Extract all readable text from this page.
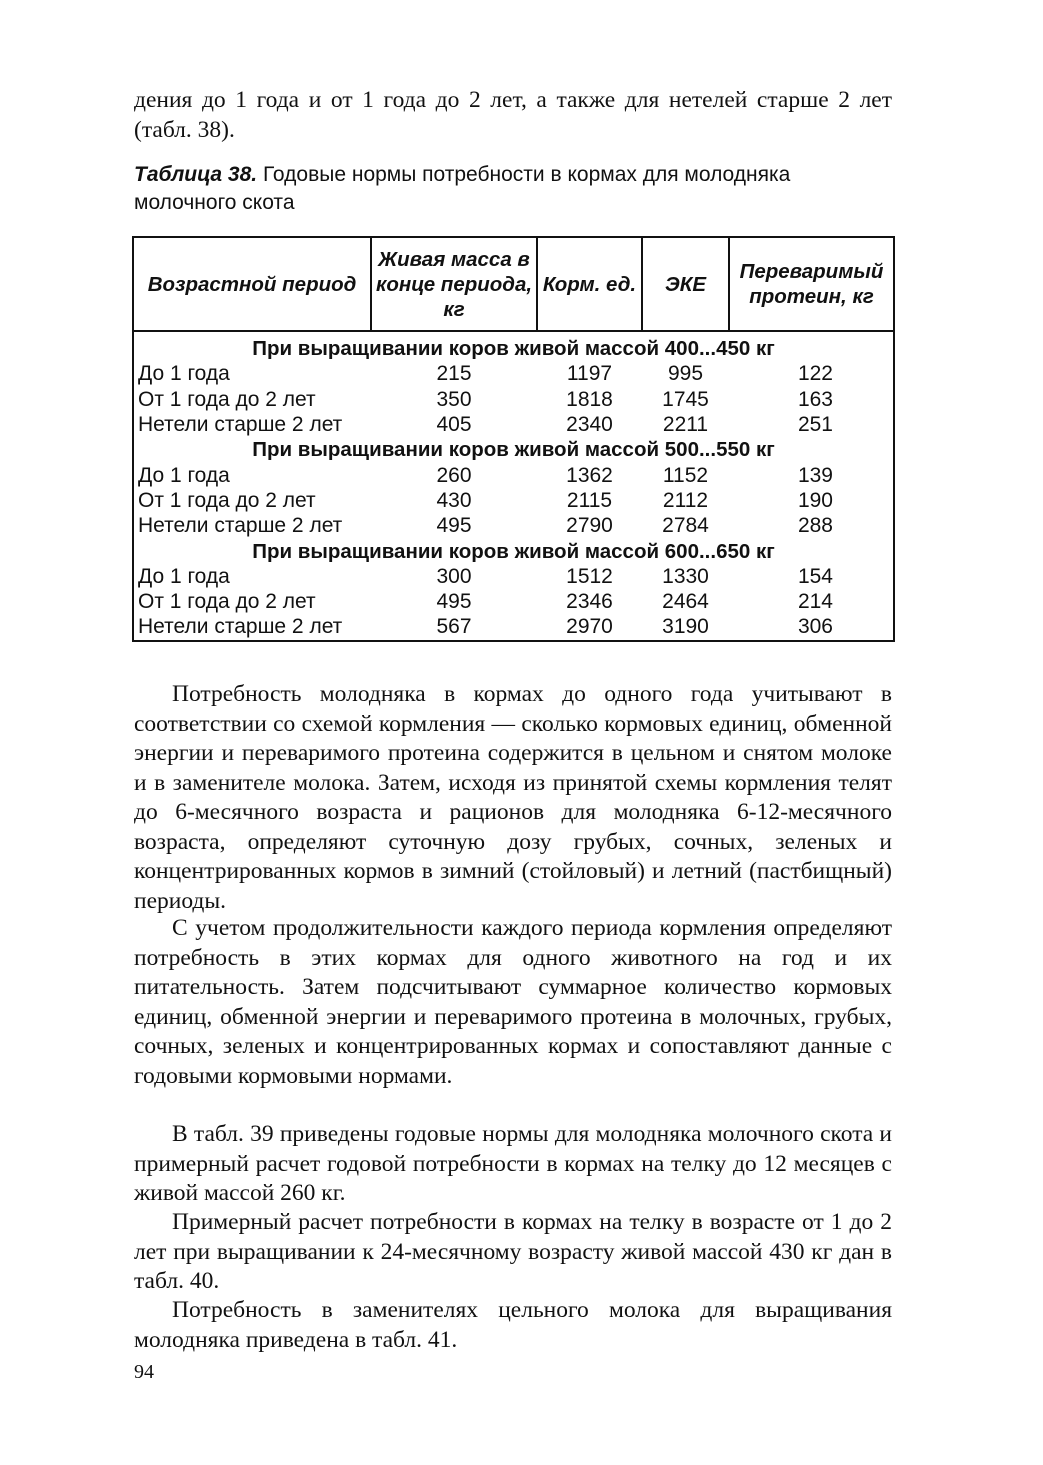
дения до 1 года и от 1 года до 2 лет, а также для нетелей старше 2 лет (табл. 38).

Таблица 38. Годовые нормы потребности в кормах для молодняка молочного скота

Возрастной период	Живая масса в конце периода, кг	Корм. ед.	ЭКЕ	Переваримый протеин, кг
При выращивании коров живой массой 400...450 кг				
До 1 года	215	1197	995	122
От 1 года до 2 лет	350	1818	1745	163
Нетели старше 2 лет	405	2340	2211	251
При выращивании коров живой массой 500...550 кг				
До 1 года	260	1362	1152	139
От 1 года до 2 лет	430	2115	2112	190
Нетели старше 2 лет	495	2790	2784	288
При выращивании коров живой массой 600...650 кг				
До 1 года	300	1512	1330	154
От 1 года до 2 лет	495	2346	2464	214
Нетели старше 2 лет	567	2970	3190	306

Потребность молодняка в кормах до одного года учитывают в соответствии со схемой кормления — сколько кормовых единиц, обменной энергии и переваримого протеина содержится в цельном и снятом молоке и в заменителе молока. Затем, исходя из принятой схемы кормления телят до 6-месячного возраста и рационов для молодняка 6-12-месячного возраста, определяют суточную дозу грубых, сочных, зеленых и концентрированных кормов в зимний (стойловый) и летний (пастбищный) периоды.

С учетом продолжительности каждого периода кормления определяют потребность в этих кормах для одного животного на год и их питательность. Затем подсчитывают суммарное количество кормовых единиц, обменной энергии и переваримого протеина в молочных, грубых, сочных, зеленых и концентрированных кормах и сопоставляют данные с годовыми кормовыми нормами.

В табл. 39 приведены годовые нормы для молодняка молочного скота и примерный расчет годовой потребности в кормах на телку до 12 месяцев с живой массой 260 кг.

Примерный расчет потребности в кормах на телку в возрасте от 1 до 2 лет при выращивании к 24-месячному возрасту живой массой 430 кг дан в табл. 40.

Потребность в заменителях цельного молока для выращивания молодняка приведена в табл. 41.

94
